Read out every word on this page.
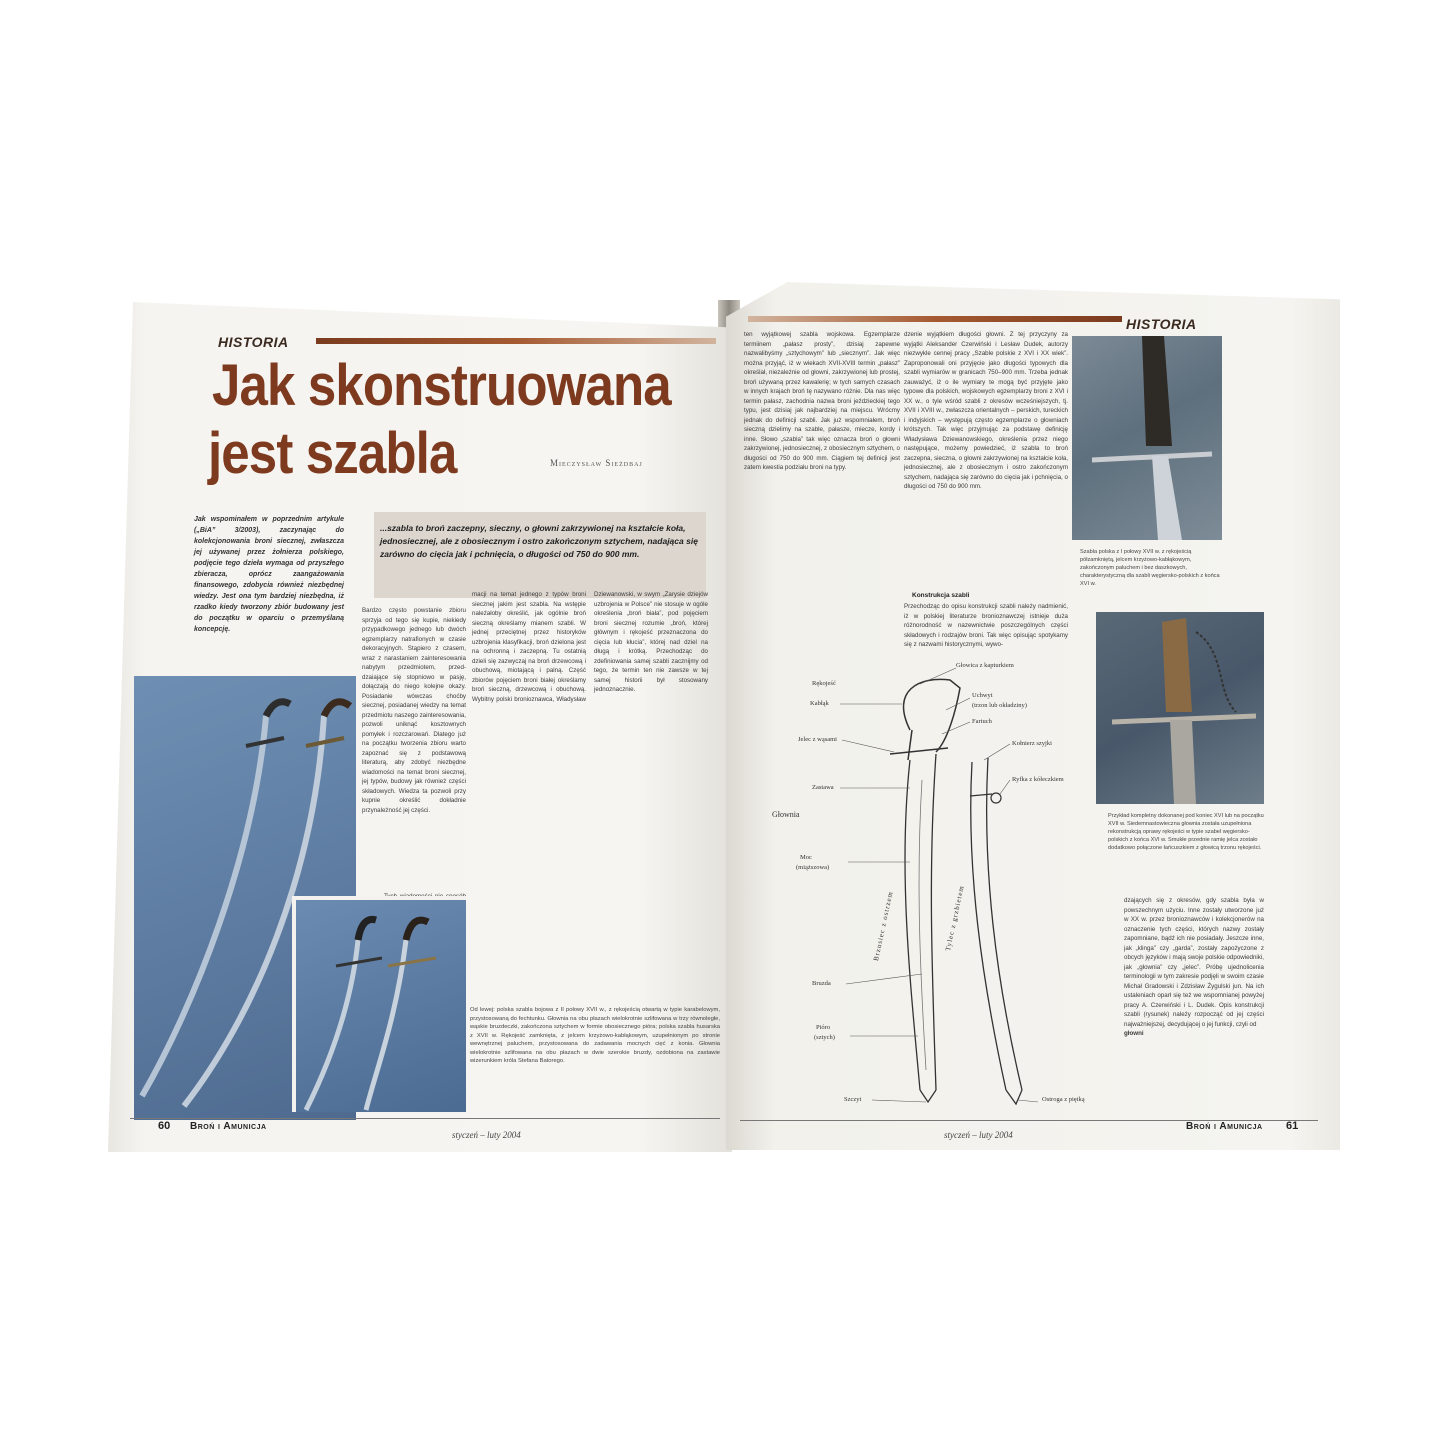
HISTORIA
Jak skonstruowana
jest szabla	Mieczysław Sieżdbaj
Jak wspominałem w poprzednim artykule („BiA” 3/2003), zaczynając do kolekcjonowania broni siecznej, zwłaszcza jej używanej przez żołnierza polskiego, podjęcie tego dzieła wymaga od przyszłego zbieracza, oprócz zaangażowania finansowego, zdobycia również niezbędnej wiedzy. Jest ona tym bardziej niezbędna, iż rzadko kiedy tworzony zbiór budowany jest do początku w oparciu o przemyślaną koncepcję.
...szabla to broń zaczepny, sieczny, o głowni zakrzywionej na kształcie koła, jednosiecznej, ale z obosiecznym i ostro zakończonym sztychem, nadająca się zarówno do cięcia jak i pchnięcia, o długości od 750 do 900 mm.
Bardzo często powstanie zbioru sprzyja od tego się kupie, niekiedy przypadkowego jednego lub dwóch egzemplarzy natrafionych w czasie dekoracyjnych. Stąpiero z czasem, wraz z narastaniem zainteresowania nabytym przedmiotem, przed- dzaiające się stopniowo w pasję, dołączają do niego kolejne okazy. Posiadanie wówczas choćby siecznej, posiadanej wiedzy na temat przedmiotu naszego zainteresowania, pozwoli uniknąć kosztownych pomyłek i rozczarowań. Dlatego już na początku tworzenia zbioru warto zapoznać się z podstawową literaturą, aby zdobyć niezbędne wiadomości na temat broni siecznej, jej typów, budowy jak również części składowych. Wiedza ta pozwoli przy kupnie określić dokładnie przynależność jej części.
macji na temat jednego z typów broni siecznej jakim jest szabla. Na wstępie należałoby określić, jak ogólnie broń sieczną określamy mianem szabli. W jednej przeciętnej przez historyków uzbrojenia klasyfikacji, broń dzielona jest na ochronną i zaczepną. Tu ostatnią dzieli się zazwyczaj na broń drzewcową i obuchową, miotającą i palną. Część zbiorów pojęciem broni białej określamy broń sieczną, drzewcową i obuchową. Wybitny polski bronioznawca, Władysław Dziewanowski, w swym „Zarysie dziejów uzbrojenia w Polsce” nie stosuje w ogóle określenia „broń biała”, pod pojęciem broni siecznej rozumie „broń, której głównym i rękojeść przeznaczona do cięcia lub kłucia”, której nad dziel na długą i krótką. Przechodząc do zdefiniowania samej szabli zacznijmy od tego, że termin ten nie zawsze w tej samej historii był stosowany jednoznacznie.
Od lewej: polska szabla bojowa z II połowy XVII w., z rękojeścią otwartą w typie karabelowym, przystosowaną do fechtunku. Głownia na obu płazach wielokrotnie szlifowana w trzy równoległe, wąskie bruzdeczki, zakończona sztychem w formie obosiecznego pióra; polska szabla husarska z XVII w. Rękojeść zamknięta, z jelcem krzyżowo-kabłąkowym, uzupełnionym po stronie wewnętrznej paluchem, przystosowana do zadawania mocnych cięć z konia. Głownia wielokrotnie szlifowana na obu płazach w dwie szerokie bruzdy, ozdobiona na zastawie wizerunkiem króla Stefana Batorego.
60 Broń i Amunicja
styczeń – luty 2004
HISTORIA
ten wyjątkowej szabla wojskowa. Egzemplarze termiinem „pałasz prosty”, dzisiaj zapewne nazwalibyśmy „sztychowym” lub „siecznym”. Jak więc można przyjąć, iż w wiekach XVII-XVIII termin „pałasz” określał, niezależnie od głowni, zakrzywionej lub prostej, broń używaną przez kawalerię; w tych samych czasach w innych krajach broń tę nazywano różnie. Dla nas więc termin pałasz, zachodnia nazwa broni jeździeckiej tego typu, jest dzisiaj jak najbardziej na miejscu. Wrócmy jednak do definicji szabli. Jak już wspomniałem, broń sieczną dzielimy na szable, pałasze, miecze, kordy i inne. Słowo „szabla” tak więc oznacza broń o głowni zakrzywionej, jednosiecznej, z obosiecznym sztychem, o długości od 750 do 900 mm. Ciągiem tej definicji jest zatem kwestia podziału broni na typy.
dzenie wyjątkiem długości głowni. Z tej przyczyny za wyjątki Aleksander Czerwiński i Lesław Dudek, autorzy niezwykle cennej pracy „Szable polskie z XVI i XX wiek”. Zaproponowali oni przyjęcie jako długości typowych dla szabli wymiarów w granicach 750–900 mm. Trzeba jednak zauważyć, iż o ile wymiary te mogą być przyjęte jako typowe dla polskich, wojskowych egzemplarzy broni z XVI i XX w., o tyle wśród szabli z okresów wcześniejszych, tj. XVII i XVIII w., zwłaszcza orientalnych – perskich, tureckich i indyjskich – występują często egzemplarze o głowniach krótszych. Tak więc przyjmując za podstawę definicję Władysława Dziewanowskiego, określenia przez niego następujące, możemy powiedzieć, iż szabla to broń zaczepna, sieczna, o głowni zakrzywionej na kształcie koła, jednosiecznej, ale z obosiecznym i ostro zakończonym sztychem, nadająca się zarówno do cięcia jak i pchnięcia, o długości od 750 do 900 mm.
Konstrukcja szabli
Przechodząc do opisu konstrukcji szabli należy nadmienić, iż w polskiej literaturze bronioznawczej istnieje duża różnorodność w nazewnictwie poszczególnych części składowych i rodzajów broni. Tak więc opisując spotykamy się z nazwami historycznymi, wywo-
Szabla polska z I połowy XVII w. z rękojeścią półzamkniętą, jelcem krzyżowo-kabłąkowym, zakończonym paluchem i bez daszkowych, charakterystyczną dla szabli węgiersko-polskich z końca XVI w.
Przykład kompletny dokonanej pod koniec XVI lub na początku XVII w. Siedemnastowieczna głownia została uzupełniona rekonstrukcją oprawy rękojeści w typie szabel węgiersko-polskich z końca XVI w. Smukłe przednie ramię jelca zostało dodatkowo połączone łańcuszkiem z głowicą trzonu rękojeści.
dzających się z okresów, gdy szabla była w powszechnym użyciu. Inne zostały utworzone już w XX w. przez bronioznawców i kolekcjonerów na oznaczenie tych części, których nazwy zostały zapomniane, bądź ich nie posiadały. Jeszcze inne, jak „klinga” czy „garda”, zostały zapożyczone z obcych języków i mają swoje polskie odpowiedniki, jak „głownia” czy „jelec”. Próbę ujednolicenia terminologii w tym zakresie podjęli w swoim czasie Michał Gradowski i Zdzisław Żygulski jun. Na ich ustaleniach oparł się też we wspomnianej powyżej pracy A. Czerwiński i L. Dudek. Opis konstrukcji szabli (rysunek) należy rozpocząć od jej części najważniejszej, decydującej o jej funkcji, czyli od
głowni
Głowica z kapturkiem
Rękojeść
Kabłąk
Uchwyt
(trzon lub okładziny)
Fartuch
Jelec z wąsami
Kołnierz szyjki
Zastawa
Ryfka z kółeczkiem
Głownia
Moc
(miąższowa)
Brzusiec z ostrzem	Tylec z grzbietem
Bruzda
Pióro
(sztych)
Szczyt	Ostroga z piętką
styczeń – luty 2004
Broń i Amunicja 61
